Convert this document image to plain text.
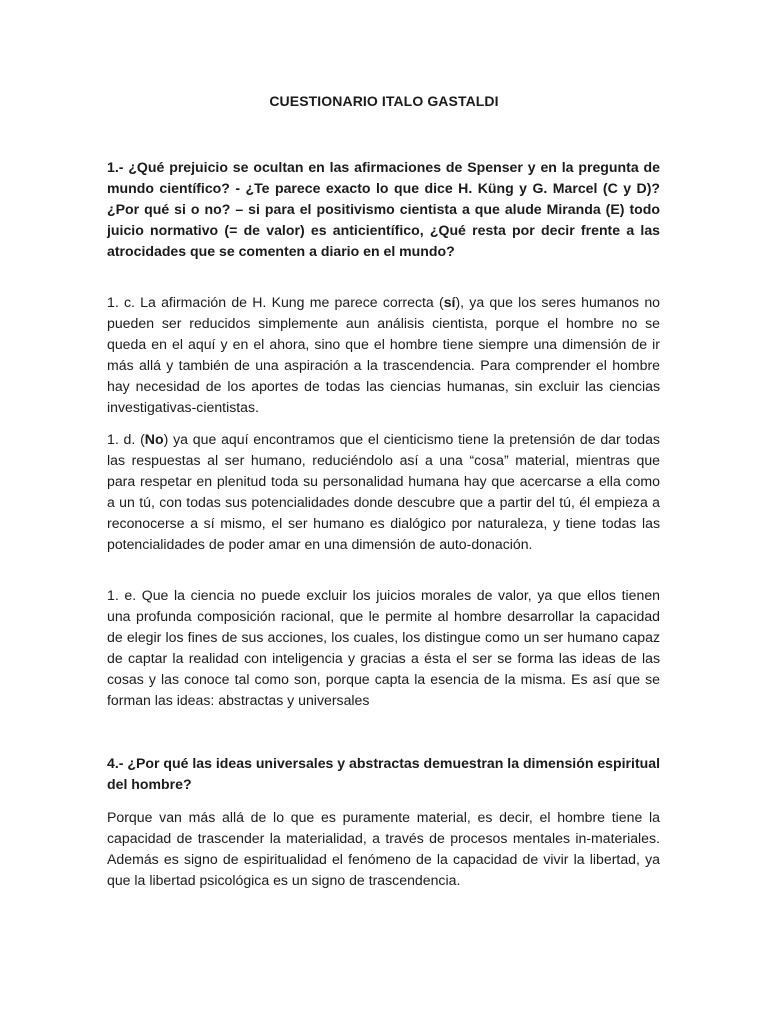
CUESTIONARIO ITALO GASTALDI
1.- ¿Qué prejuicio se ocultan en las afirmaciones de Spenser y en la pregunta de mundo científico? - ¿Te parece exacto lo que dice H. Küng y G. Marcel (C y D)? ¿Por qué si o no? – si para el positivismo cientista a que alude Miranda (E) todo juicio normativo (= de valor) es anticientífico, ¿Qué resta por decir frente a las atrocidades que se comenten a diario en el mundo?
1. c. La afirmación de H. Kung me parece correcta (sí), ya que los seres humanos no pueden ser reducidos simplemente aun análisis cientista, porque el hombre no se queda en el aquí y en el ahora, sino que el hombre tiene siempre una dimensión de ir más allá y también de una aspiración a la trascendencia. Para comprender el hombre hay necesidad de los aportes de todas las ciencias humanas, sin excluir las ciencias investigativas-cientistas.
1. d. (No) ya que aquí encontramos que el cienticismo tiene la pretensión de dar todas las respuestas al ser humano, reduciéndolo así a una “cosa” material, mientras que para respetar en plenitud toda su personalidad humana hay que acercarse a ella como a un tú, con todas sus potencialidades donde descubre que a partir del tú, él empieza a reconocerse a sí mismo, el ser humano es dialógico por naturaleza, y tiene todas las potencialidades de poder amar en una dimensión de auto-donación.
1. e. Que la ciencia no puede excluir los juicios morales de valor, ya que ellos tienen una profunda composición racional, que le permite al hombre desarrollar la capacidad de elegir los fines de sus acciones, los cuales, los distingue como un ser humano capaz de captar la realidad con inteligencia y gracias a ésta el ser se forma las ideas de las cosas y las conoce tal como son, porque capta la esencia de la misma. Es así que se forman las ideas: abstractas y universales
4.- ¿Por qué las ideas universales y abstractas demuestran la dimensión espiritual del hombre?
Porque van más allá de lo que es puramente material, es decir, el hombre tiene la capacidad de trascender la materialidad, a través de procesos mentales in-materiales. Además es signo de espiritualidad el fenómeno de la capacidad de vivir la libertad, ya que la libertad psicológica es un signo de trascendencia.
